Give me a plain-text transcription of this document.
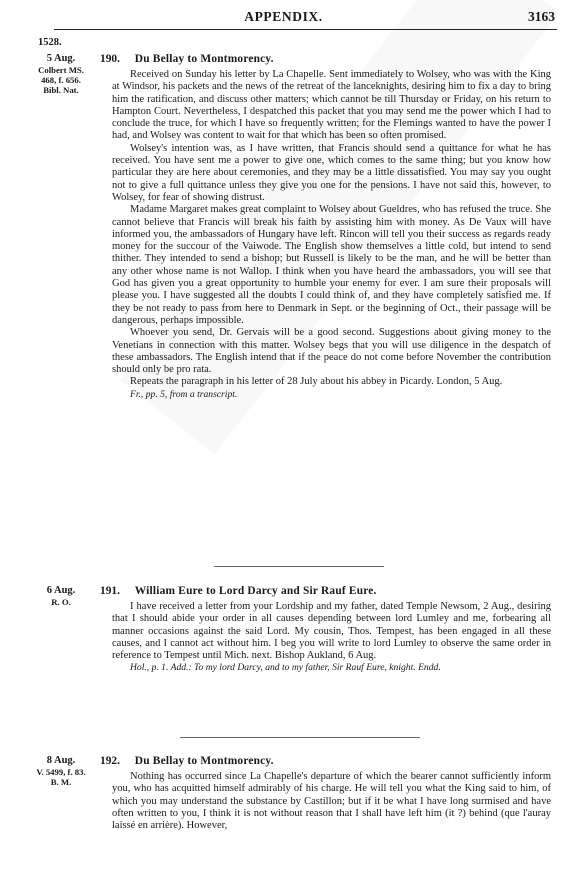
APPENDIX.	3163
1528.
5 Aug.
Colbert MS.
468, f. 656.
Bibl. Nat.
190. Du Bellay to Montmorency.

Received on Sunday his letter by La Chapelle. Sent immediately to Wolsey, who was with the King at Windsor, his packets and the news of the retreat of the lanceknights, desiring him to fix a day to bring him the ratification, and discuss other matters; which cannot be till Thursday or Friday, on his return to Hampton Court. Nevertheless, I despatched this packet that you may send me the power which I had to conclude the truce, for which I have so frequently written; for the Flemings wanted to have the power I had, and Wolsey was content to wait for that which has been so often promised.

Wolsey's intention was, as I have written, that Francis should send a quittance for what he has received. You have sent me a power to give one, which comes to the same thing; but you know how particular they are here about ceremonies, and they may be a little dissatisfied. You may say you ought not to give a full quittance unless they give you one for the pensions. I have not said this, however, to Wolsey, for fear of showing distrust.

Madame Margaret makes great complaint to Wolsey about Gueldres, who has refused the truce. She cannot believe that Francis will break his faith by assisting him with money. As De Vaux will have informed you, the ambassadors of Hungary have left. Rincon will tell you their success as regards ready money for the succour of the Vaiwode. The English show themselves a little cold, but intend to send thither. They intended to send a bishop; but Russell is likely to be the man, and he will be better than any other whose name is not Wallop. I think when you have heard the ambassadors, you will see that God has given you a great opportunity to humble your enemy for ever. I am sure their proposals will please you. I have suggested all the doubts I could think of, and they have completely satisfied me. If they be not ready to pass from here to Denmark in Sept. or the beginning of Oct., their passage will be dangerous, perhaps impossible.

Whoever you send, Dr. Gervais will be a good second. Suggestions about giving money to the Venetians in connection with this matter. Wolsey begs that you will use diligence in the despatch of these ambassadors. The English intend that if the peace do not come before November the contribution should only be pro rata.

Repeats the paragraph in his letter of 28 July about his abbey in Picardy. London, 5 Aug.

Fr., pp. 5, from a transcript.

6 Aug.
R. O.
191. William Eure to Lord Darcy and Sir Rauf Eure.

I have received a letter from your Lordship and my father, dated Temple Newsom, 2 Aug., desiring that I should abide your order in all causes depending between lord Lumley and me, forbearing all manner occasions against the said Lord. My cousin, Thos. Tempest, has been engaged in all these causes, and I cannot act without him. I beg you will write to lord Lumley to observe the same order in reference to Tempest until Mich. next. Bishop Aukland, 6 Aug.

Hol., p. 1. Add.: To my lord Darcy, and to my father, Sir Rauf Eure, knight. Endd.

8 Aug.
V. 5499, f. 83.
B. M.
192. Du Bellay to Montmorency.

Nothing has occurred since La Chapelle's departure of which the bearer cannot sufficiently inform you, who has acquitted himself admirably of his charge. He will tell you what the King said to him, of which you may understand the substance by Castillon; but if it be what I have long surmised and have often written to you, I think it is not without reason that I shall have left him (it ?) behind (que l'auray laissé en arrière). However,
